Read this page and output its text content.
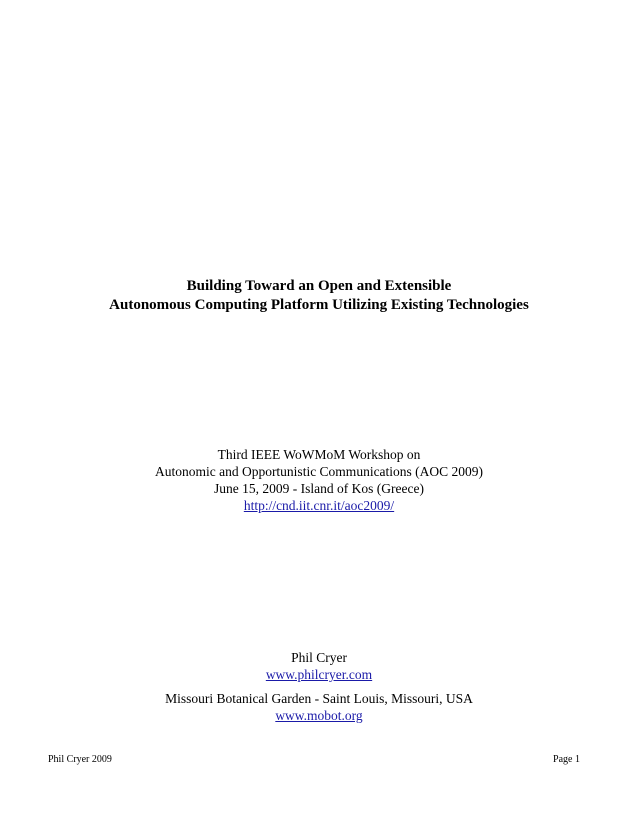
Building Toward an Open and Extensible
Autonomous Computing Platform Utilizing Existing Technologies
Third IEEE WoWMoM Workshop on
Autonomic and Opportunistic Communications (AOC 2009)
June 15, 2009 - Island of Kos (Greece)
http://cnd.iit.cnr.it/aoc2009/
Phil Cryer
www.philcryer.com
Missouri Botanical Garden - Saint Louis, Missouri, USA
www.mobot.org
Phil Cryer 2009	Page 1
